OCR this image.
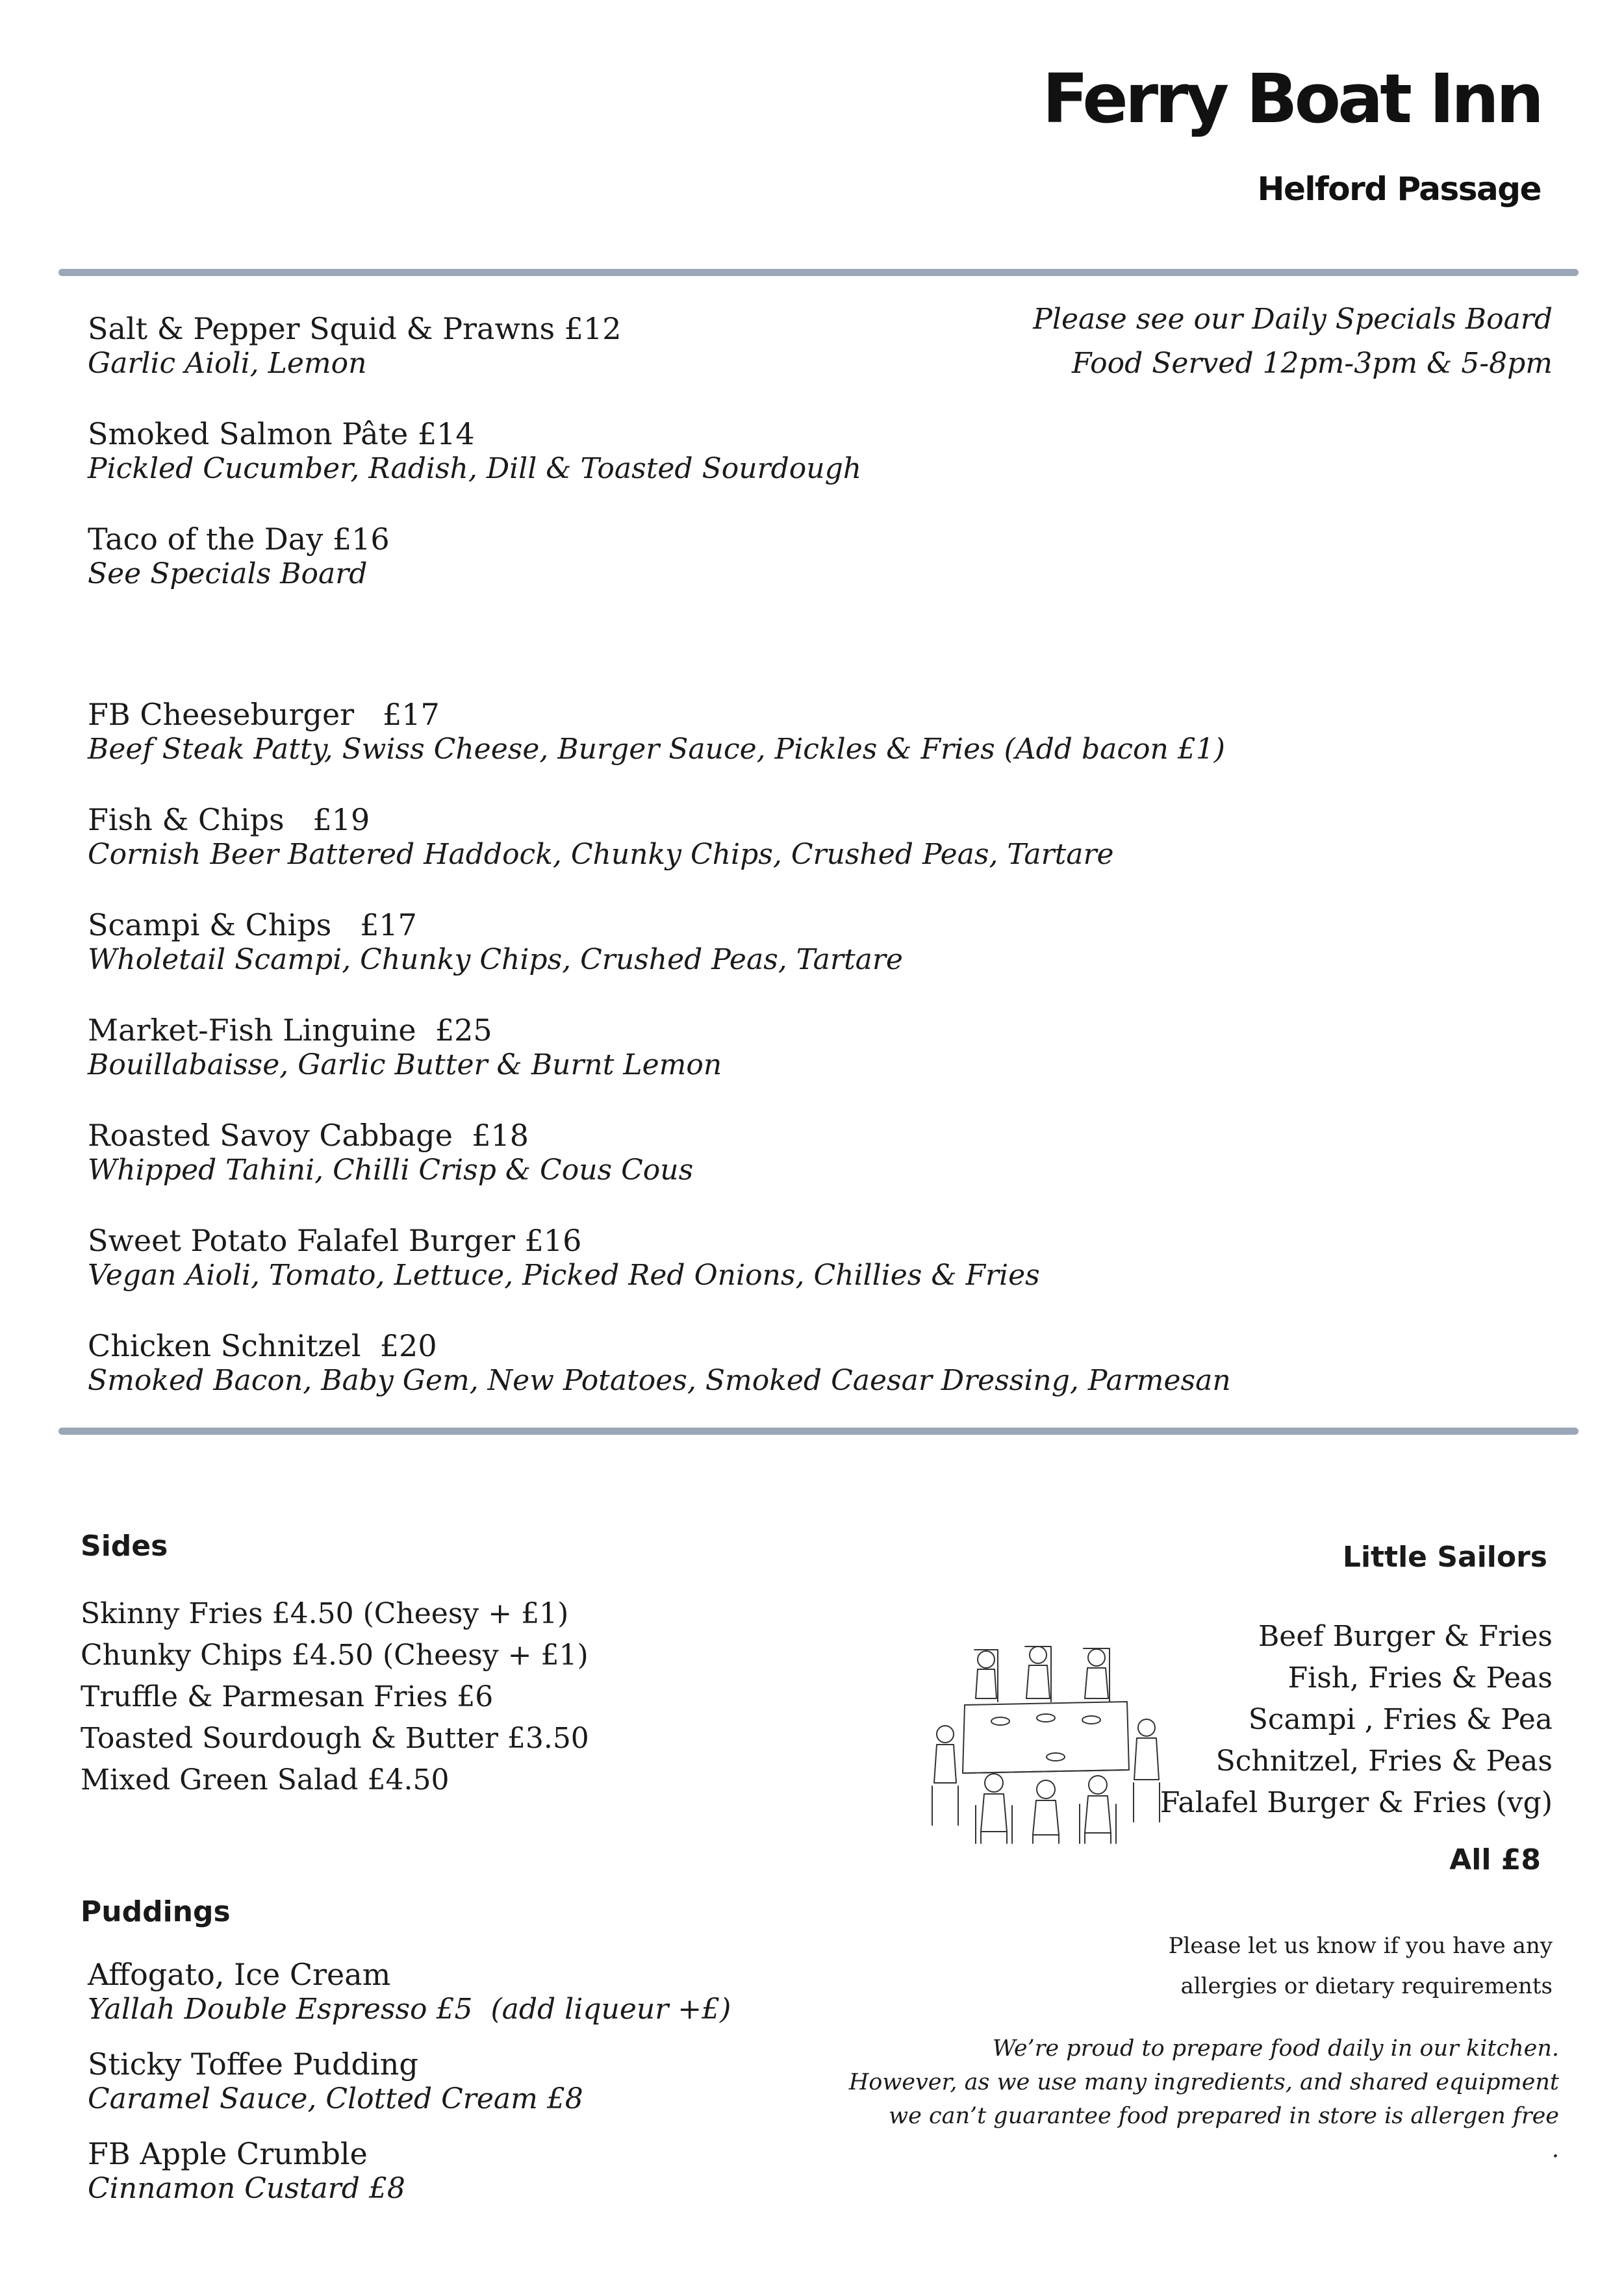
Ferry Boat Inn
Helford Passage
Please see our Daily Specials Board
Food Served 12pm-3pm & 5-8pm
Salt & Pepper Squid & Prawns £12
Garlic Aioli, Lemon
Smoked Salmon Pâte £14
Pickled Cucumber, Radish, Dill & Toasted Sourdough
Taco of the Day £16
See Specials Board
FB Cheeseburger   £17
Beef Steak Patty, Swiss Cheese, Burger Sauce, Pickles & Fries (Add bacon £1)
Fish & Chips   £19
Cornish Beer Battered Haddock, Chunky Chips, Crushed Peas, Tartare
Scampi & Chips   £17
Wholetail Scampi, Chunky Chips, Crushed Peas, Tartare
Market-Fish Linguine  £25
Bouillabaisse, Garlic Butter & Burnt Lemon
Roasted Savoy Cabbage  £18
Whipped Tahini, Chilli Crisp & Cous Cous
Sweet Potato Falafel Burger £16
Vegan Aioli, Tomato, Lettuce, Picked Red Onions, Chillies & Fries
Chicken Schnitzel  £20
Smoked Bacon, Baby Gem, New Potatoes, Smoked Caesar Dressing, Parmesan
Sides
Skinny Fries £4.50 (Cheesy + £1)
Chunky Chips £4.50 (Cheesy + £1)
Truffle & Parmesan Fries £6
Toasted Sourdough & Butter £3.50
Mixed Green Salad £4.50
Puddings
Affogato, Ice Cream
Yallah Double Espresso £5  (add liqueur +£)
Sticky Toffee Pudding
Caramel Sauce, Clotted Cream £8
FB Apple Crumble
Cinnamon Custard £8
Little Sailors
Beef Burger & Fries
Fish, Fries & Peas
Scampi , Fries & Pea
Schnitzel, Fries & Peas
Falafel Burger & Fries (vg)
All £8
Please let us know if you have any
allergies or dietary requirements
We’re proud to prepare food daily in our kitchen.
However, as we use many ingredients, and shared equipment
we can’t guarantee food prepared in store is allergen free
.
